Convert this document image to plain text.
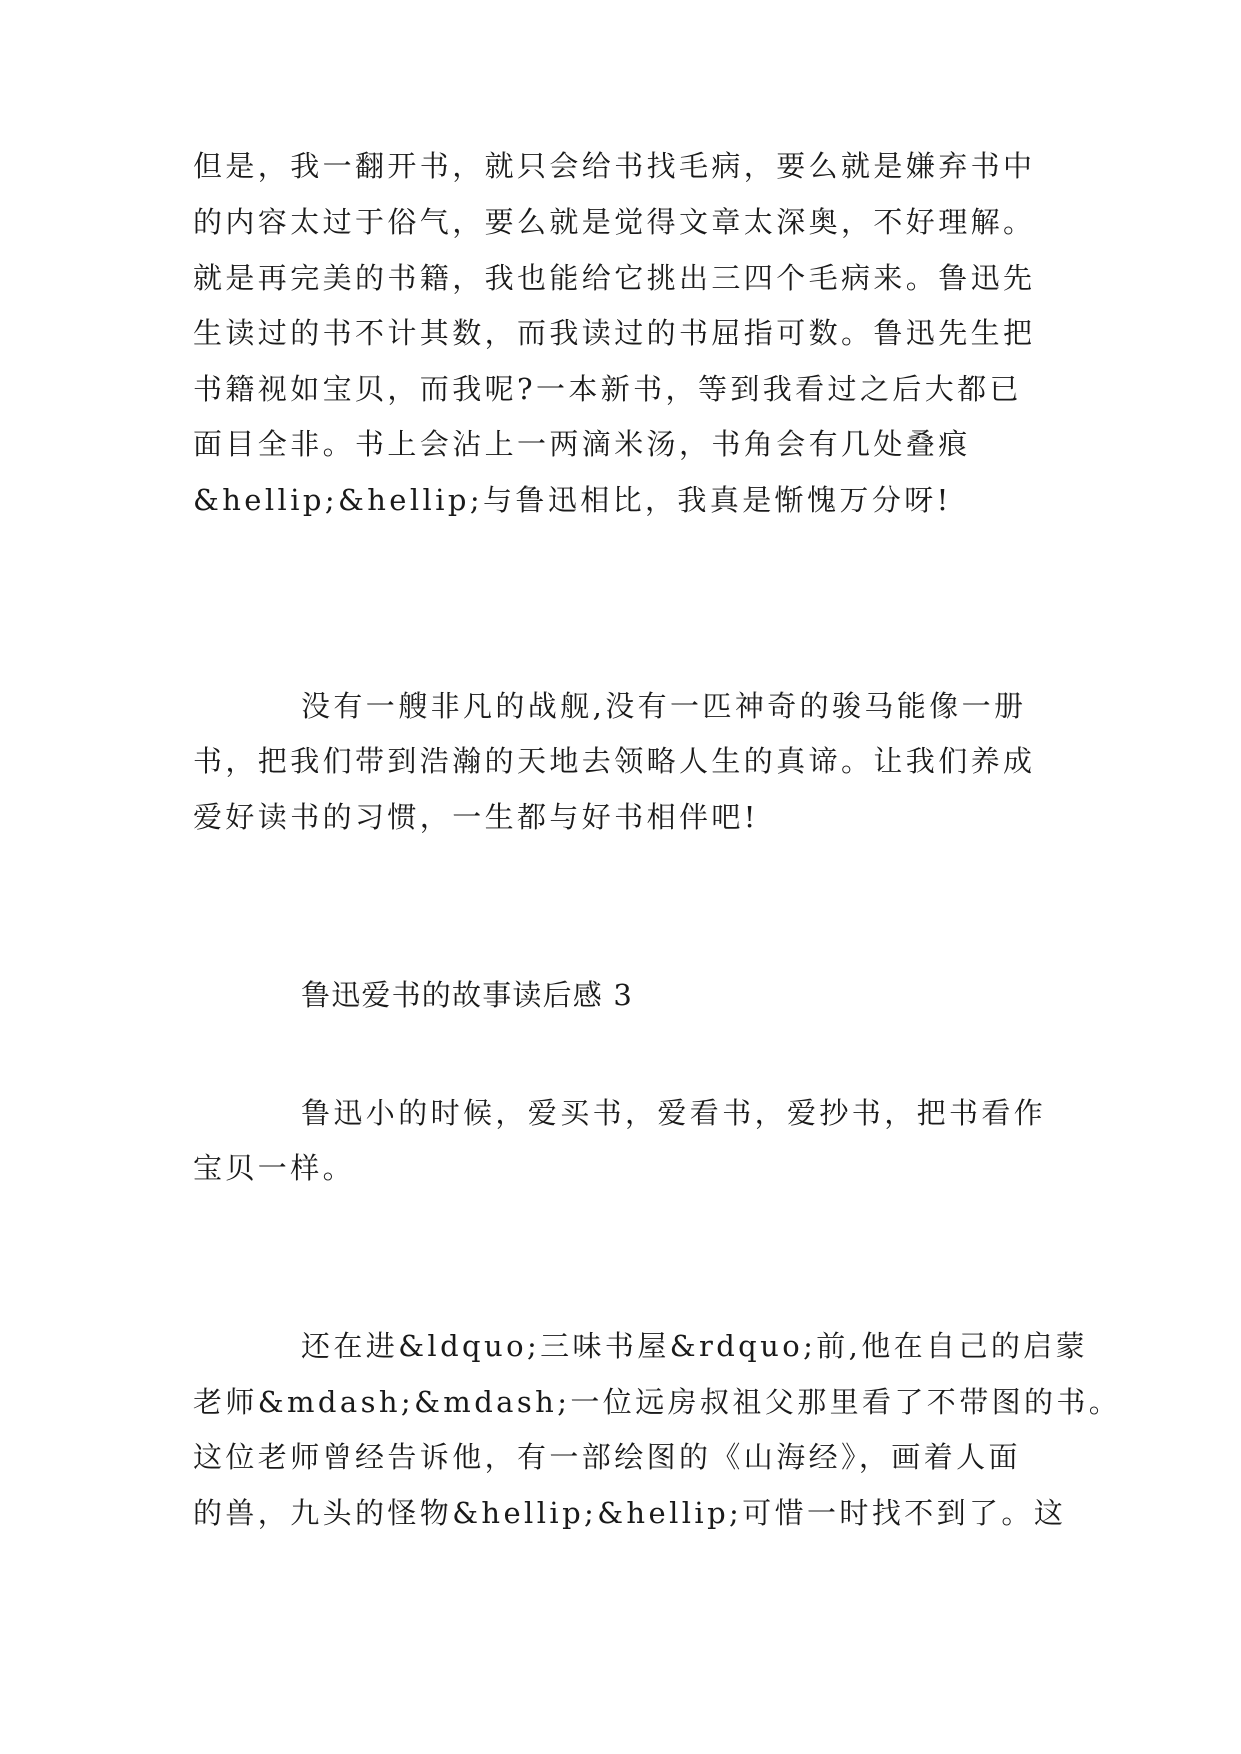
但是，我一翻开书，就只会给书找毛病，要么就是嫌弃书中
的内容太过于俗气，要么就是觉得文章太深奥，不好理解。
就是再完美的书籍，我也能给它挑出三四个毛病来。鲁迅先
生读过的书不计其数，而我读过的书屈指可数。鲁迅先生把
书籍视如宝贝，而我呢?一本新书，等到我看过之后大都已
面目全非。书上会沾上一两滴米汤，书角会有几处叠痕
&hellip;&hellip;与鲁迅相比，我真是惭愧万分呀!
没有一艘非凡的战舰,没有一匹神奇的骏马能像一册
书，把我们带到浩瀚的天地去领略人生的真谛。让我们养成
爱好读书的习惯，一生都与好书相伴吧!
鲁迅爱书的故事读后感 3
鲁迅小的时候，爱买书，爱看书，爱抄书，把书看作
宝贝一样。
还在进&ldquo;三味书屋&rdquo;前,他在自己的启蒙
老师&mdash;&mdash;一位远房叔祖父那里看了不带图的书。
这位老师曾经告诉他，有一部绘图的《山海经》，画着人面
的兽，九头的怪物&hellip;&hellip;可惜一时找不到了。这
